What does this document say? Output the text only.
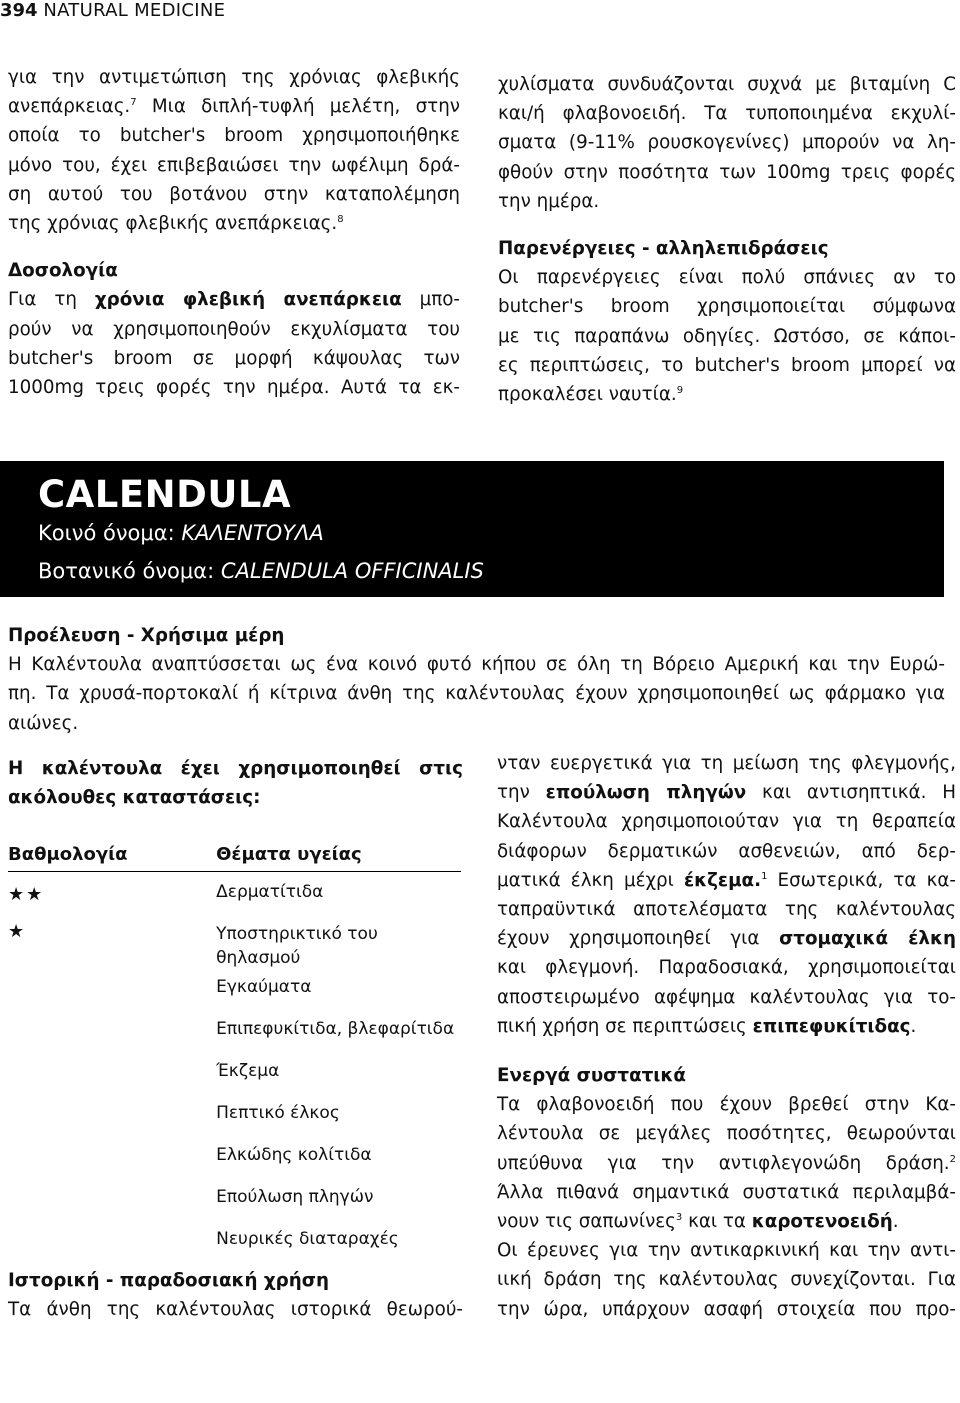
394 NATURAL MEDICINE

για την αντιμετώπιση της χρόνιας φλεβικής

ανεπάρκειας.$^7$ Μια διπλή-τυφλή μελέτη, στην

οποία το butcher's broom χρησιμοποιήθηκε

μόνο του, έχει επιβεβαιώσει την ωφέλιμη δρά-

ση αυτού του βοτάνου στην καταπολέμηση

της χρόνιας φλεβικής ανεπάρκειας.$^8$

Δοσολογία

Για τη χρόνια φλεβική ανεπάρκεια μπο-

ρούν να χρησιμοποιηθούν εκχυλίσματα του

butcher's broom σε μορφή κάψουλας των

1000mg τρεις φορές την ημέρα. Αυτά τα εκ-

χυλίσματα συνδυάζονται συχνά με βιταμίνη C

και/ή φλαβονοειδή. Τα τυποποιημένα εκχυλί-

σματα (9-11% ρουσκογενίνες) μπορούν να λη-

φθούν στην ποσότητα των 100mg τρεις φορές

την ημέρα.

Παρενέργειες - αλληλεπιδράσεις

Οι παρενέργειες είναι πολύ σπάνιες αν το

butcher's broom χρησιμοποιείται σύμφωνα

με τις παραπάνω οδηγίες. Ωστόσο, σε κάποι-

ες περιπτώσεις, το butcher's broom μπορεί να

προκαλέσει ναυτία.$^9$

CALENDULA
Κοινό όνομα: ΚΑΛΕΝΤΟΥΛΑ
Βοτανικό όνομα: CALENDULA OFFICINALIS
Προέλευση - Χρήσιμα μέρη

Η Καλέντουλα αναπτύσσεται ως ένα κοινό φυτό κήπου σε όλη τη Βόρειο Αμερική και την Ευρώ-

πη. Τα χρυσά-πορτοκαλί ή κίτρινα άνθη της καλέντουλας έχουν χρησιμοποιηθεί ως φάρμακο για

αιώνες.

Η καλέντουλα έχει χρησιμοποιηθεί στις

ακόλουθες καταστάσεις:

Βαθμολογία	Θέματα υγείας
★★	Δερματίτιδα
★	Υποστηρικτικό του θηλασμού
	Εγκαύματα
	Επιπεφυκίτιδα, βλεφαρίτιδα
	Έκζεμα
	Πεπτικό έλκος
	Ελκώδης κολίτιδα
	Επούλωση πληγών
	Νευρικές διαταραχές
Ιστορική - παραδοσιακή χρήση

Τα άνθη της καλέντουλας ιστορικά θεωρού-

νταν ευεργετικά για τη μείωση της φλεγμονής,

την επούλωση πληγών και αντισηπτικά. Η

Καλέντουλα χρησιμοποιούταν για τη θεραπεία

διάφορων δερματικών ασθενειών, από δερ-

ματικά έλκη μέχρι έκζεμα.$^1$ Εσωτερικά, τα κα-

ταπραϋντικά αποτελέσματα της καλέντουλας

έχουν χρησιμοποιηθεί για στομαχικά έλκη

και φλεγμονή. Παραδοσιακά, χρησιμοποιείται

αποστειρωμένο αφέψημα καλέντουλας για το-

πική χρήση σε περιπτώσεις επιπεφυκίτιδας.

Ενεργά συστατικά

Τα φλαβονοειδή που έχουν βρεθεί στην Κα-

λέντουλα σε μεγάλες ποσότητες, θεωρούνται

υπεύθυνα για την αντιφλεγονώδη δράση.$^2$

Άλλα πιθανά σημαντικά συστατικά περιλαμβά-

νουν τις σαπωνίνες$^3$ και τα καροτενοειδή.

Οι έρευνες για την αντικαρκινική και την αντι-

ιική δράση της καλέντουλας συνεχίζονται. Για

την ώρα, υπάρχουν ασαφή στοιχεία που προ-
